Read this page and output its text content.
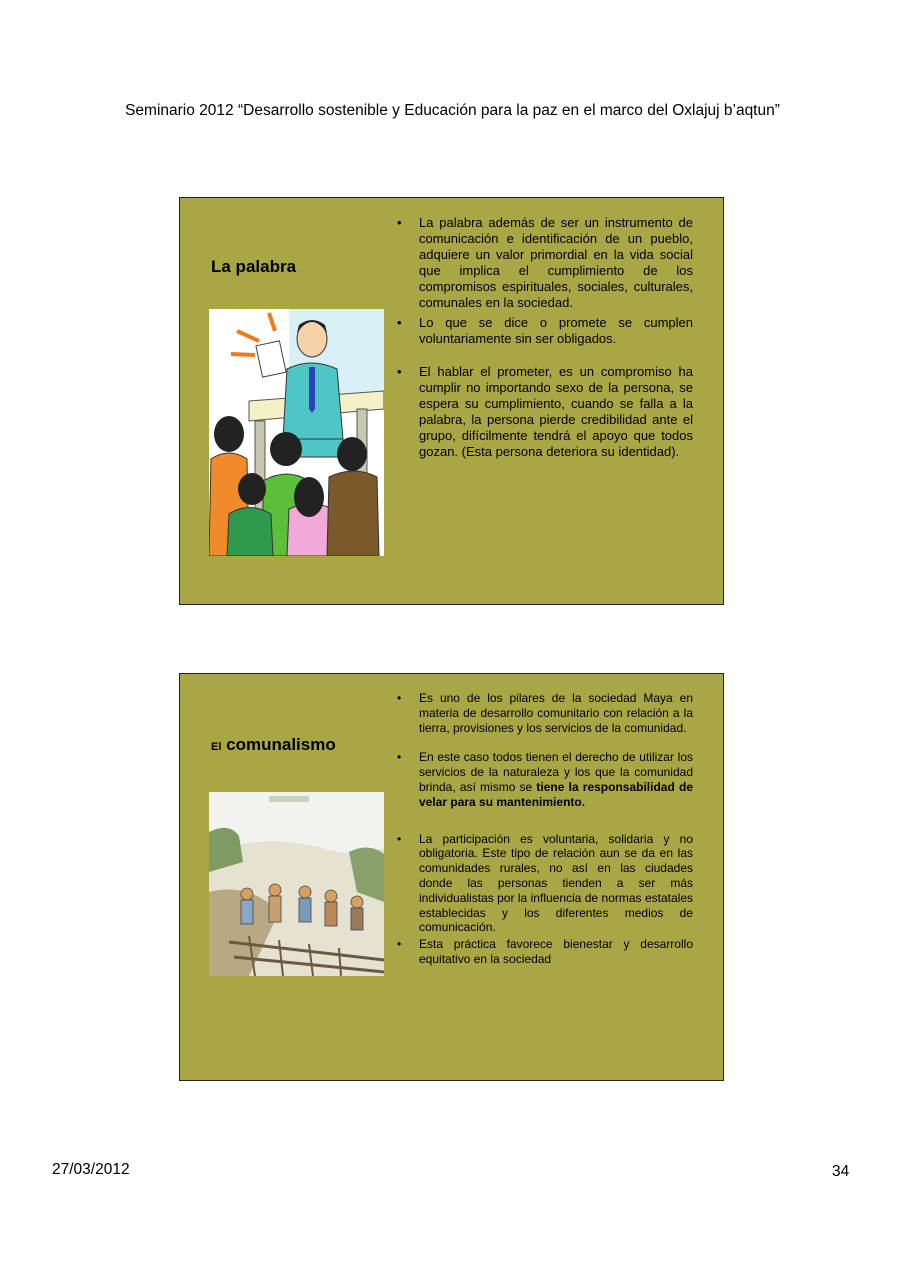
Seminario 2012 “Desarrollo sostenible y Educación para la paz en el marco del Oxlajuj b’aqtun”
La palabra
• La palabra además de ser un instrumento de comunicación e identificación de un pueblo, adquiere un valor primordial en la vida social que implica el cumplimiento de los compromisos espirituales, sociales, culturales, comunales en la sociedad.
• Lo que se dice o promete se cumplen voluntariamente sin ser obligados.
• El hablar el prometer, es un compromiso ha cumplir no importando sexo de la persona, se espera su cumplimiento, cuando se falla a la palabra, la persona pierde credibilidad ante el grupo, difícilmente tendrá el apoyo que todos gozan. (Esta persona deteriora su identidad).
El comunalismo
• Es uno de los pilares de la sociedad Maya en materia de desarrollo comunitario con relación a la tierra, provisiones y los servicios de la comunidad.
• En este caso todos tienen el derecho de utilizar los servicios de la naturaleza y los que la comunidad brinda, así mismo se tiene la responsabilidad de velar para su mantenimiento.
• La participación es voluntaria, solidaria y no obligatoria. Este tipo de relación aun se da en las comunidades rurales, no así en las ciudades donde las personas tienden a ser más individualistas por la influencia de normas estatales establecidas y los diferentes medios de comunicación.
• Esta práctica favorece bienestar y desarrollo equitativo en la sociedad
27/03/2012	34
